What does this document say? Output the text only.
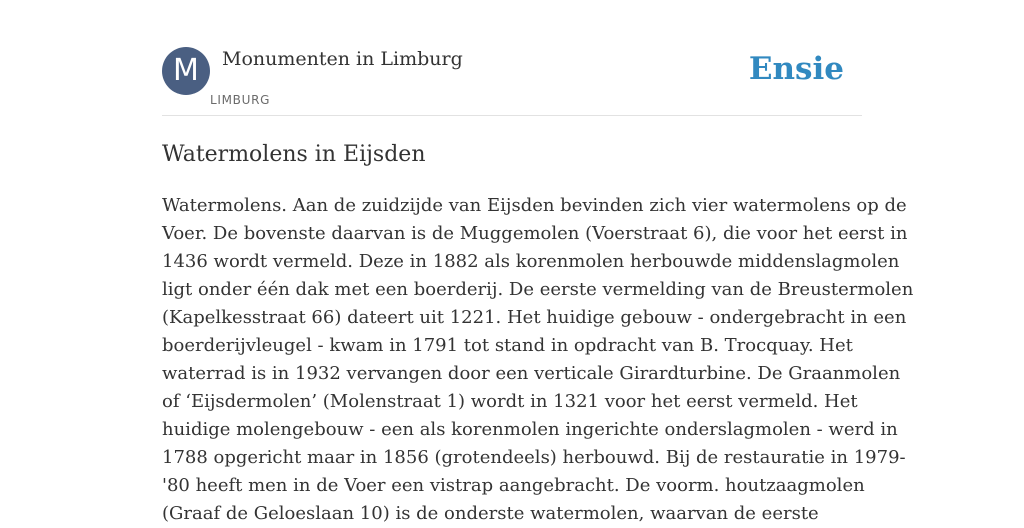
M	Monumenten in Limburg
LIMBURG
Ensie
Watermolens in Eijsden
Watermolens. Aan de zuidzijde van Eijsden bevinden zich vier watermolens op de
Voer. De bovenste daarvan is de Muggemolen (Voerstraat 6), die voor het eerst in
1436 wordt vermeld. Deze in 1882 als korenmolen herbouwde middenslagmolen
ligt onder één dak met een boerderij. De eerste vermelding van de Breustermolen
(Kapelkesstraat 66) dateert uit 1221. Het huidige gebouw - ondergebracht in een
boerderijvleugel - kwam in 1791 tot stand in opdracht van B. Trocquay. Het
waterrad is in 1932 vervangen door een verticale Girardturbine. De Graanmolen
of ‘Eijsdermolen’ (Molenstraat 1) wordt in 1321 voor het eerst vermeld. Het
huidige molengebouw - een als korenmolen ingerichte onderslagmolen - werd in
1788 opgericht maar in 1856 (grotendeels) herbouwd. Bij de restauratie in 1979-
'80 heeft men in de Voer een vistrap aangebracht. De voorm. houtzaagmolen
(Graaf de Geloeslaan 10) is de onderste watermolen, waarvan de eerste
